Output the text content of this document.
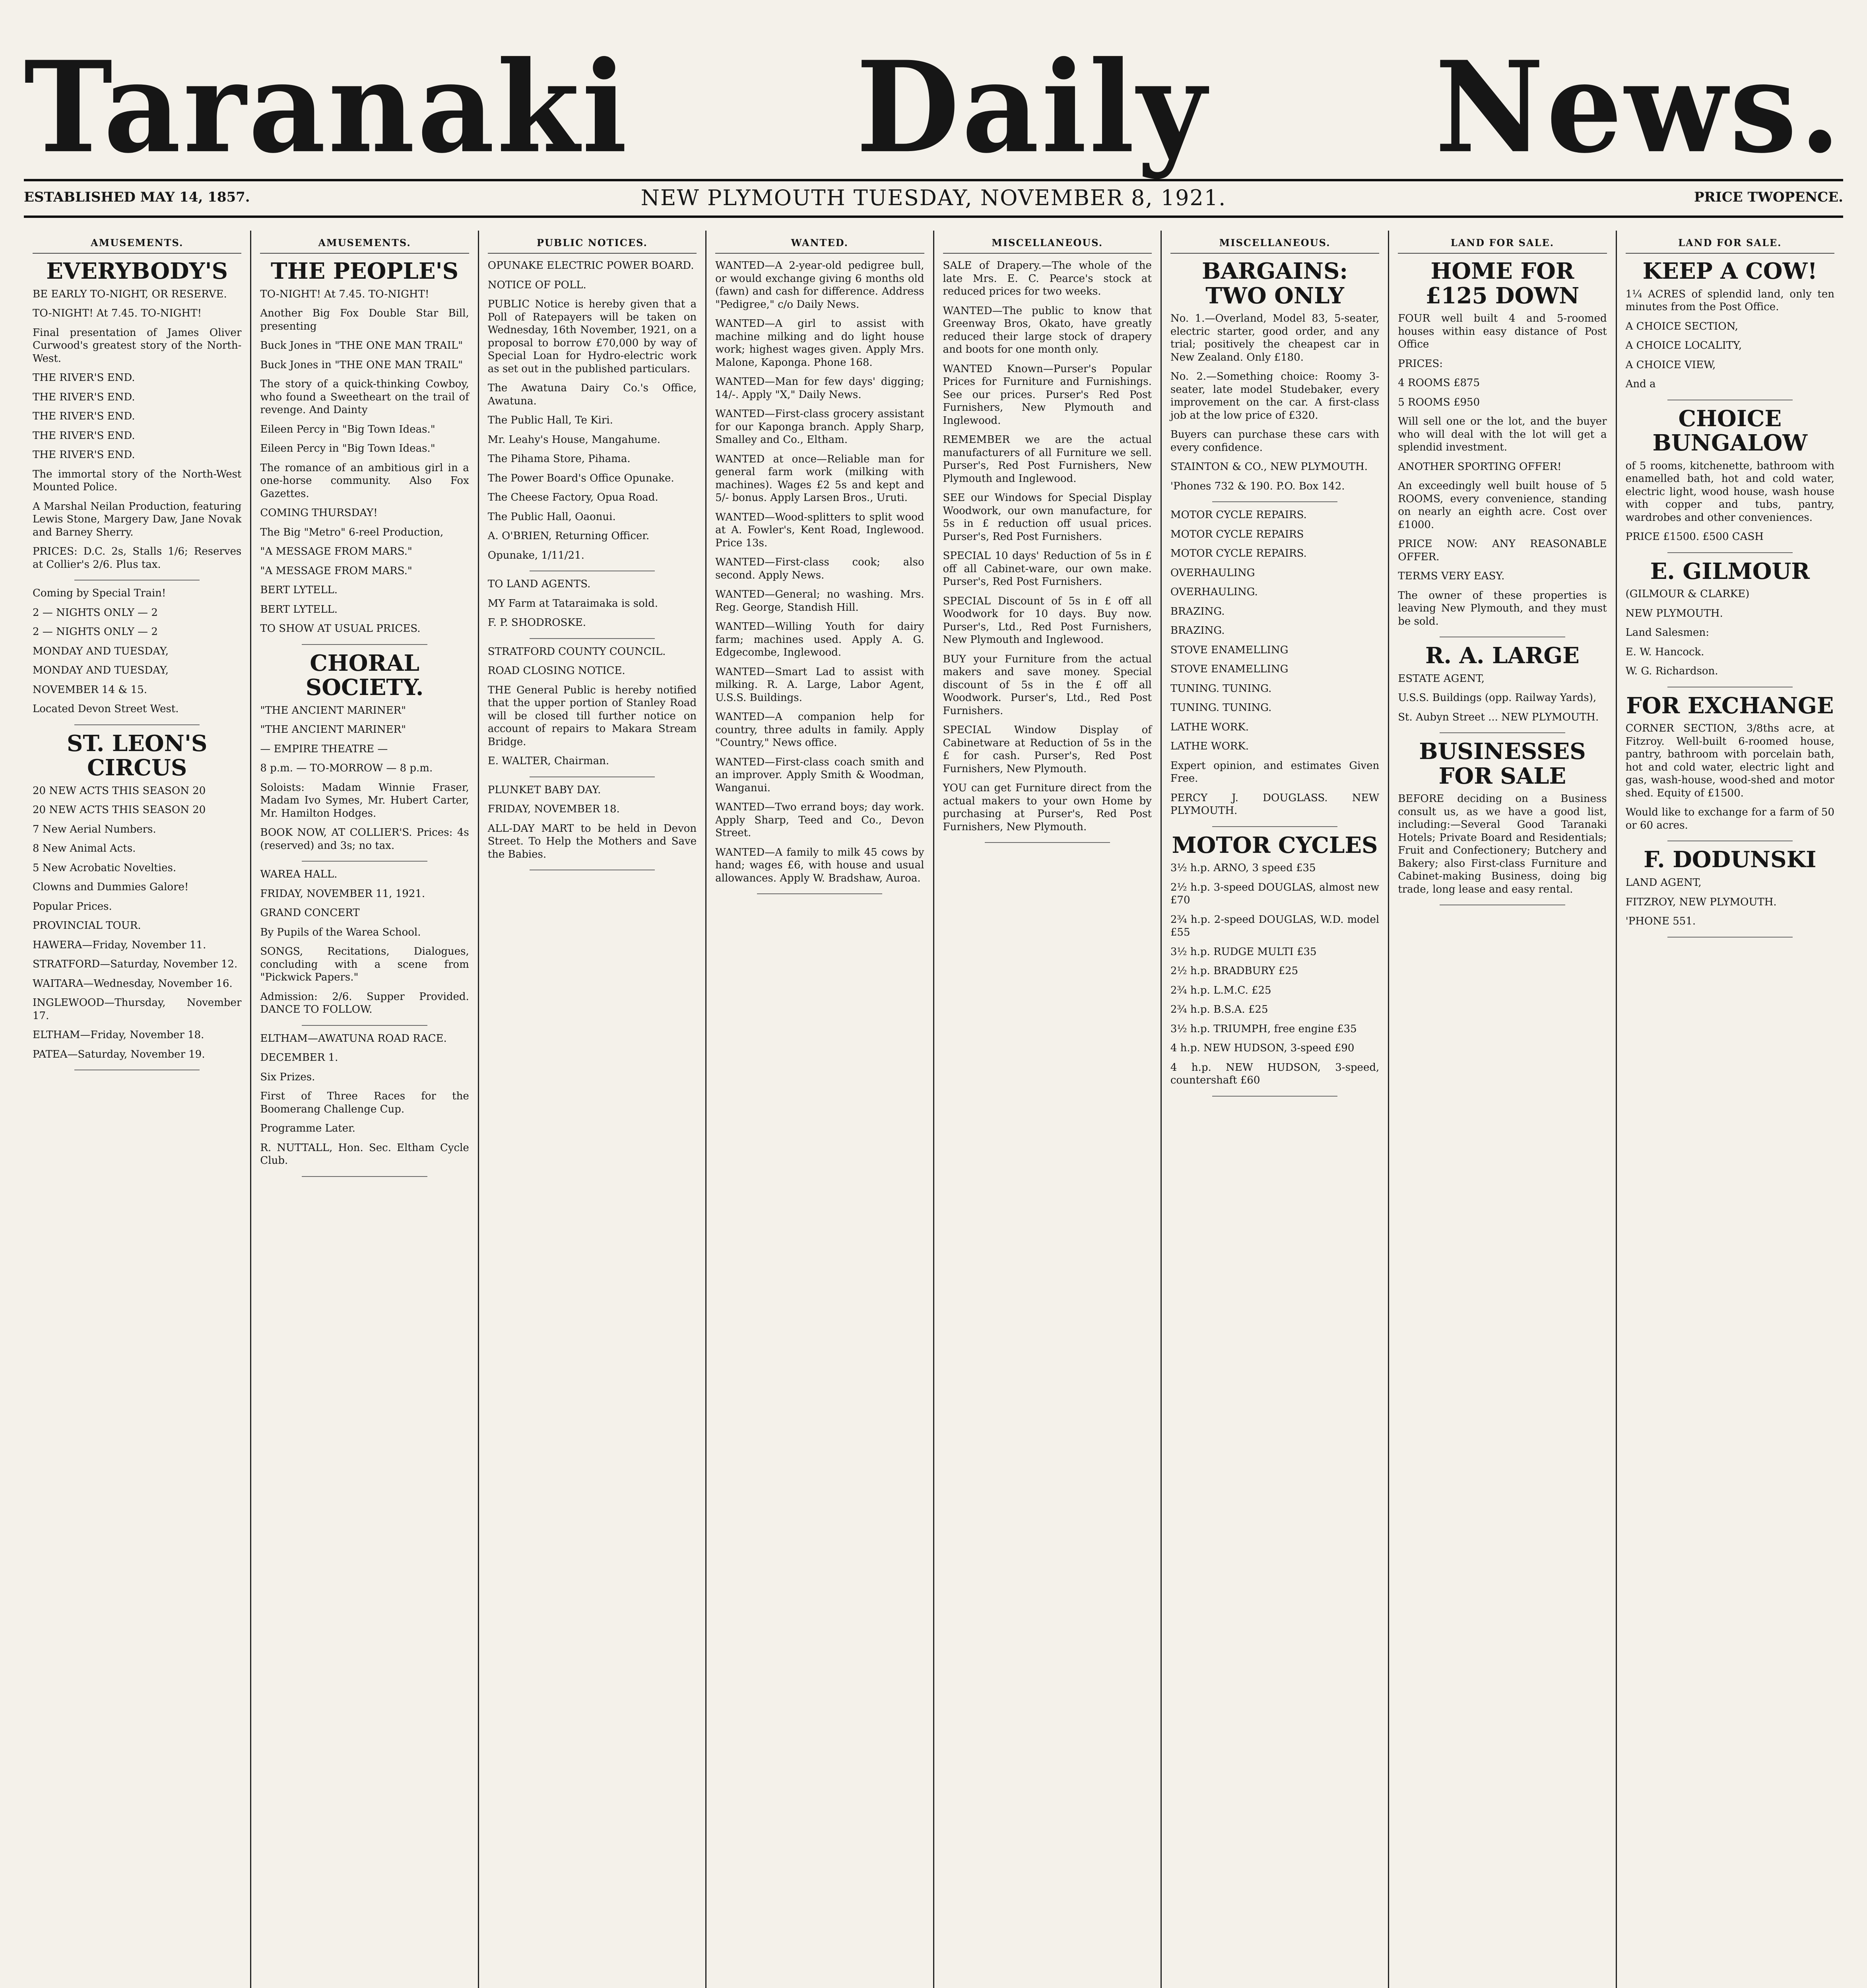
Taranaki Daily News.
ESTABLISHED MAY 14, 1857.	NEW PLYMOUTH TUESDAY, NOVEMBER 8, 1921.	PRICE TWOPENCE.
AMUSEMENTS.
EVERYBODY'S

BE EARLY TO-NIGHT, OR RESERVE.

TO-NIGHT! At 7.45. TO-NIGHT!

Final presentation of James Oliver Curwood's greatest story of the North-West.

THE RIVER'S END.

THE RIVER'S END.

THE RIVER'S END.

THE RIVER'S END.

THE RIVER'S END.

The immortal story of the North-West Mounted Police.

A Marshal Neilan Production, featuring Lewis Stone, Margery Daw, Jane Novak and Barney Sherry.

PRICES: D.C. 2s, Stalls 1/6; Reserves at Collier's 2/6. Plus tax.

Coming by Special Train!

2 — NIGHTS ONLY — 2

2 — NIGHTS ONLY — 2

MONDAY AND TUESDAY,

MONDAY AND TUESDAY,

NOVEMBER 14 & 15.

Located Devon Street West.

ST. LEON'S CIRCUS

20 NEW ACTS THIS SEASON 20

20 NEW ACTS THIS SEASON 20

7 New Aerial Numbers.

8 New Animal Acts.

5 New Acrobatic Novelties.

Clowns and Dummies Galore!

Popular Prices.

PROVINCIAL TOUR.

HAWERA—Friday, November 11.

STRATFORD—Saturday, November 12.

WAITARA—Wednesday, November 16.

INGLEWOOD—Thursday, November 17.

ELTHAM—Friday, November 18.

PATEA—Saturday, November 19.

AMUSEMENTS.
THE PEOPLE'S

TO-NIGHT! At 7.45. TO-NIGHT!

Another Big Fox Double Star Bill, presenting

Buck Jones in "THE ONE MAN TRAIL"

Buck Jones in "THE ONE MAN TRAIL"

The story of a quick-thinking Cowboy, who found a Sweetheart on the trail of revenge. And Dainty

Eileen Percy in "Big Town Ideas."

Eileen Percy in "Big Town Ideas."

The romance of an ambitious girl in a one-horse community. Also Fox Gazettes.

COMING THURSDAY!

The Big "Metro" 6-reel Production,

"A MESSAGE FROM MARS."

"A MESSAGE FROM MARS."

BERT LYTELL.

BERT LYTELL.

TO SHOW AT USUAL PRICES.

CHORAL SOCIETY.

"THE ANCIENT MARINER"

"THE ANCIENT MARINER"

— EMPIRE THEATRE —

8 p.m. — TO-MORROW — 8 p.m.

Soloists: Madam Winnie Fraser, Madam Ivo Symes, Mr. Hubert Carter, Mr. Hamilton Hodges.

BOOK NOW, AT COLLIER'S. Prices: 4s (reserved) and 3s; no tax.

WAREA HALL.

FRIDAY, NOVEMBER 11, 1921.

GRAND CONCERT

By Pupils of the Warea School.

SONGS, Recitations, Dialogues, concluding with a scene from "Pickwick Papers."

Admission: 2/6. Supper Provided. DANCE TO FOLLOW.

ELTHAM—AWATUNA ROAD RACE.

DECEMBER 1.

Six Prizes.

First of Three Races for the Boomerang Challenge Cup.

Programme Later.

R. NUTTALL, Hon. Sec. Eltham Cycle Club.

PUBLIC NOTICES.

OPUNAKE ELECTRIC POWER BOARD.

NOTICE OF POLL.

PUBLIC Notice is hereby given that a Poll of Ratepayers will be taken on Wednesday, 16th November, 1921, on a proposal to borrow £70,000 by way of Special Loan for Hydro-electric work as set out in the published particulars.

The Awatuna Dairy Co.'s Office, Awatuna.

The Public Hall, Te Kiri.

Mr. Leahy's House, Mangahume.

The Pihama Store, Pihama.

The Power Board's Office Opunake.

The Cheese Factory, Opua Road.

The Public Hall, Oaonui.

A. O'BRIEN, Returning Officer.

Opunake, 1/11/21.

TO LAND AGENTS.

MY Farm at Tataraimaka is sold.

F. P. SHODROSKE.

STRATFORD COUNTY COUNCIL.

ROAD CLOSING NOTICE.

THE General Public is hereby notified that the upper portion of Stanley Road will be closed till further notice on account of repairs to Makara Stream Bridge.

E. WALTER, Chairman.

PLUNKET BABY DAY.

FRIDAY, NOVEMBER 18.

ALL-DAY MART to be held in Devon Street. To Help the Mothers and Save the Babies.

WANTED.

WANTED—A 2-year-old pedigree bull, or would exchange giving 6 months old (fawn) and cash for difference. Address "Pedigree," c/o Daily News.

WANTED—A girl to assist with machine milking and do light house work; highest wages given. Apply Mrs. Malone, Kaponga. Phone 168.

WANTED—Man for few days' digging; 14/-. Apply "X," Daily News.

WANTED—First-class grocery assistant for our Kaponga branch. Apply Sharp, Smalley and Co., Eltham.

WANTED at once—Reliable man for general farm work (milking with machines). Wages £2 5s and kept and 5/- bonus. Apply Larsen Bros., Uruti.

WANTED—Wood-splitters to split wood at A. Fowler's, Kent Road, Inglewood. Price 13s.

WANTED—First-class cook; also second. Apply News.

WANTED—General; no washing. Mrs. Reg. George, Standish Hill.

WANTED—Willing Youth for dairy farm; machines used. Apply A. G. Edgecombe, Inglewood.

WANTED—Smart Lad to assist with milking. R. A. Large, Labor Agent, U.S.S. Buildings.

WANTED—A companion help for country, three adults in family. Apply "Country," News office.

WANTED—First-class coach smith and an improver. Apply Smith & Woodman, Wanganui.

WANTED—Two errand boys; day work. Apply Sharp, Teed and Co., Devon Street.

WANTED—A family to milk 45 cows by hand; wages £6, with house and usual allowances. Apply W. Bradshaw, Auroa.

MISCELLANEOUS.

SALE of Drapery.—The whole of the late Mrs. E. C. Pearce's stock at reduced prices for two weeks.

WANTED—The public to know that Greenway Bros, Okato, have greatly reduced their large stock of drapery and boots for one month only.

WANTED Known—Purser's Popular Prices for Furniture and Furnishings. See our prices. Purser's Red Post Furnishers, New Plymouth and Inglewood.

REMEMBER we are the actual manufacturers of all Furniture we sell. Purser's, Red Post Furnishers, New Plymouth and Inglewood.

SEE our Windows for Special Display Woodwork, our own manufacture, for 5s in £ reduction off usual prices. Purser's, Red Post Furnishers.

SPECIAL 10 days' Reduction of 5s in £ off all Cabinet-ware, our own make. Purser's, Red Post Furnishers.

SPECIAL Discount of 5s in £ off all Woodwork for 10 days. Buy now. Purser's, Ltd., Red Post Furnishers, New Plymouth and Inglewood.

BUY your Furniture from the actual makers and save money. Special discount of 5s in the £ off all Woodwork. Purser's, Ltd., Red Post Furnishers.

SPECIAL Window Display of Cabinetware at Reduction of 5s in the £ for cash. Purser's, Red Post Furnishers, New Plymouth.

YOU can get Furniture direct from the actual makers to your own Home by purchasing at Purser's, Red Post Furnishers, New Plymouth.

MISCELLANEOUS.
BARGAINS: TWO ONLY

No. 1.—Overland, Model 83, 5-seater, electric starter, good order, and any trial; positively the cheapest car in New Zealand. Only £180.

No. 2.—Something choice: Roomy 3-seater, late model Studebaker, every improvement on the car. A first-class job at the low price of £320.

Buyers can purchase these cars with every confidence.

STAINTON & CO., NEW PLYMOUTH.

'Phones 732 & 190. P.O. Box 142.

MOTOR CYCLE REPAIRS.

MOTOR CYCLE REPAIRS

MOTOR CYCLE REPAIRS.

OVERHAULING

OVERHAULING.

BRAZING.

BRAZING.

STOVE ENAMELLING

STOVE ENAMELLING

TUNING. TUNING.

TUNING. TUNING.

LATHE WORK.

LATHE WORK.

Expert opinion, and estimates Given Free.

PERCY J. DOUGLASS. NEW PLYMOUTH.

MOTOR CYCLES

3½ h.p. ARNO, 3 speed £35

2½ h.p. 3-speed DOUGLAS, almost new £70

2¾ h.p. 2-speed DOUGLAS, W.D. model £55

3½ h.p. RUDGE MULTI £35

2½ h.p. BRADBURY £25

2¾ h.p. L.M.C. £25

2¾ h.p. B.S.A. £25

3½ h.p. TRIUMPH, free engine £35

4 h.p. NEW HUDSON, 3-speed £90

4 h.p. NEW HUDSON, 3-speed, countershaft £60

LAND FOR SALE.
HOME FOR £125 DOWN

FOUR well built 4 and 5-roomed houses within easy distance of Post Office

PRICES:

4 ROOMS £875

5 ROOMS £950

Will sell one or the lot, and the buyer who will deal with the lot will get a splendid investment.

ANOTHER SPORTING OFFER!

An exceedingly well built house of 5 ROOMS, every convenience, standing on nearly an eighth acre. Cost over £1000.

PRICE NOW: ANY REASONABLE OFFER.

TERMS VERY EASY.

The owner of these properties is leaving New Plymouth, and they must be sold.

R. A. LARGE

ESTATE AGENT,

U.S.S. Buildings (opp. Railway Yards),

St. Aubyn Street ... NEW PLYMOUTH.

BUSINESSES FOR SALE

BEFORE deciding on a Business consult us, as we have a good list, including:—Several Good Taranaki Hotels; Private Board and Residentials; Fruit and Confectionery; Butchery and Bakery; also First-class Furniture and Cabinet-making Business, doing big trade, long lease and easy rental.

LAND FOR SALE.
KEEP A COW!

1¼ ACRES of splendid land, only ten minutes from the Post Office.

A CHOICE SECTION,

A CHOICE LOCALITY,

A CHOICE VIEW,

And a

CHOICE BUNGALOW

of 5 rooms, kitchenette, bathroom with enamelled bath, hot and cold water, electric light, wood house, wash house with copper and tubs, pantry, wardrobes and other conveniences.

PRICE £1500. £500 CASH

E. GILMOUR

(GILMOUR & CLARKE)

NEW PLYMOUTH.

Land Salesmen:

E. W. Hancock.

W. G. Richardson.

FOR EXCHANGE

CORNER SECTION, 3/8ths acre, at Fitzroy. Well-built 6-roomed house, pantry, bathroom with porcelain bath, hot and cold water, electric light and gas, wash-house, wood-shed and motor shed. Equity of £1500.

Would like to exchange for a farm of 50 or 60 acres.

F. DODUNSKI

LAND AGENT,

FITZROY, NEW PLYMOUTH.

'PHONE 551.
